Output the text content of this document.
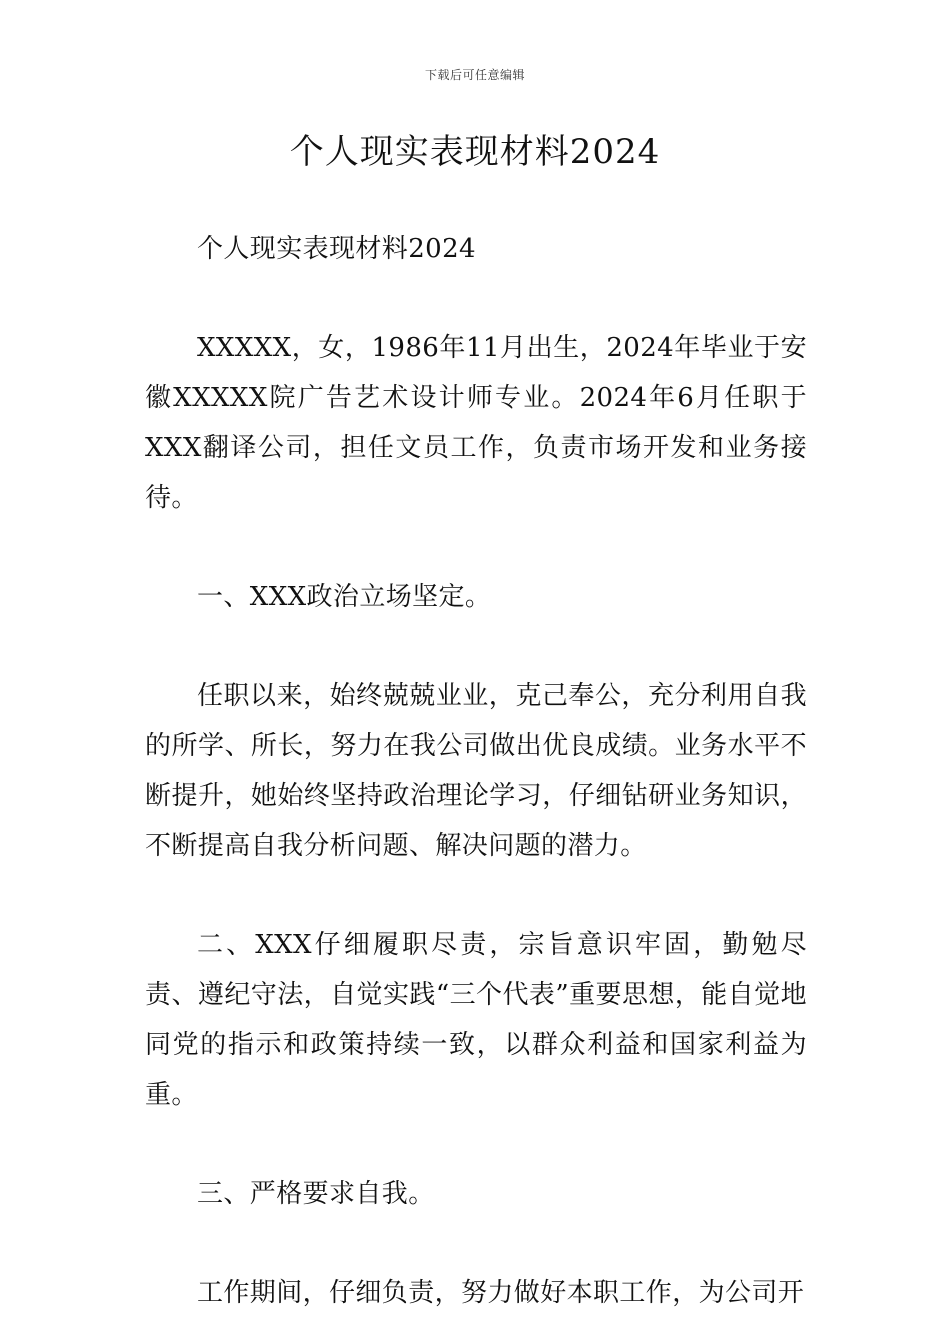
下载后可任意编辑
个人现实表现材料2024

个人现实表现材料2024

XXXXX，女，1986年11月出生，2024年毕业于安徽XXXXX院广告艺术设计师专业。2024年6月任职于XXX翻译公司，担任文员工作，负责市场开发和业务接待。

一、XXX政治立场坚定。

任职以来，始终兢兢业业，克己奉公，充分利用自我的所学、所长，努力在我公司做出优良成绩。业务水平不断提升，她始终坚持政治理论学习，仔细钻研业务知识，不断提高自我分析问题、解决问题的潜力。

二、XXX仔细履职尽责，宗旨意识牢固，勤勉尽责、遵纪守法，自觉实践“三个代表”重要思想，能自觉地同党的指示和政策持续一致，以群众利益和国家利益为重。

三、严格要求自我。

工作期间，仔细负责，努力做好本职工作，为公司开
